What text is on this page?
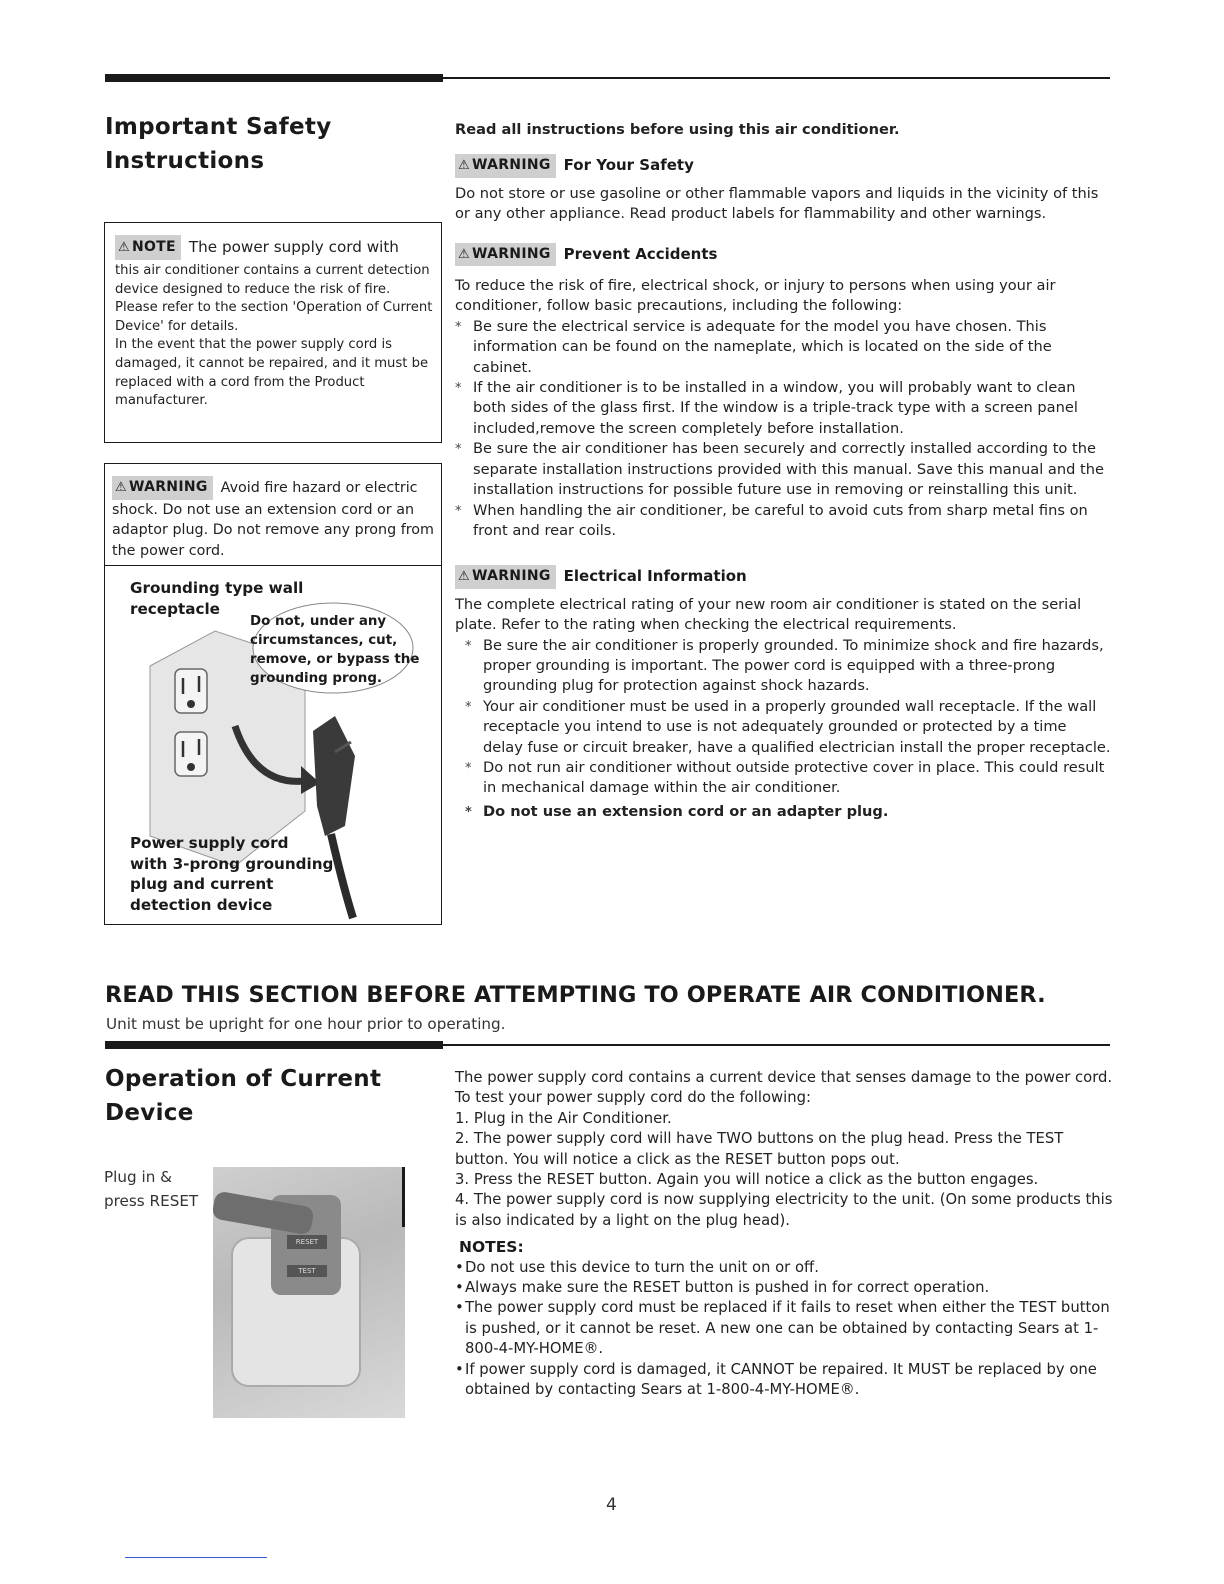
Important Safety
Instructions
⚠ NOTE The power supply cord with
this air conditioner contains a current detection device designed to reduce the risk of fire.
Please refer to the section 'Operation of Current Device' for details.
In the event that the power supply cord is damaged, it cannot be repaired, and it must be replaced with a cord from the Product manufacturer.
⚠ WARNING Avoid fire hazard or electric shock. Do not use an extension cord or an adaptor plug. Do not remove any prong from the power cord.
Grounding type wall
receptacle
Do not, under any
circumstances, cut,
remove, or bypass the
grounding prong.
Power supply cord
with 3-prong grounding
plug and current
detection device

Read all instructions before using this air conditioner.

⚠ WARNING For Your Safety

Do not store or use gasoline or other flammable vapors and liquids in the vicinity of this or any other appliance. Read product labels for flammability and other warnings.

⚠ WARNING Prevent Accidents

To reduce the risk of fire, electrical shock, or injury to persons when using your air conditioner, follow basic precautions, including the following:

* Be sure the electrical service is adequate for the model you have chosen. This information can be found on the nameplate, which is located on the side of the cabinet.
* If the air conditioner is to be installed in a window, you will probably want to clean both sides of the glass first. If the window is a triple-track type with a screen panel included,remove the screen completely before installation.
* Be sure the air conditioner has been securely and correctly installed according to the separate installation instructions provided with this manual. Save this manual and the installation instructions for possible future use in removing or reinstalling this unit.
* When handling the air conditioner, be careful to avoid cuts from sharp metal fins on front and rear coils.
⚠ WARNING Electrical Information

The complete electrical rating of your new room air conditioner is stated on the serial plate. Refer to the rating when checking the electrical requirements.

* Be sure the air conditioner is properly grounded. To minimize shock and fire hazards, proper grounding is important. The power cord is equipped with a three-prong grounding plug for protection against shock hazards.
* Your air conditioner must be used in a properly grounded wall receptacle. If the wall receptacle you intend to use is not adequately grounded or protected by a time delay fuse or circuit breaker, have a qualified electrician install the proper receptacle.
* Do not run air conditioner without outside protective cover in place. This could result in mechanical damage within the air conditioner.
* Do not use an extension cord or an adapter plug.
READ THIS SECTION BEFORE ATTEMPTING TO OPERATE AIR CONDITIONER.
Unit must be upright for one hour prior to operating.
Operation of Current
Device
Plug in &
press RESET
RESET
TEST

The power supply cord contains a current device that senses damage to the power cord.

To test your power supply cord do the following:

1. Plug in the Air Conditioner.

2. The power supply cord will have TWO buttons on the plug head. Press the TEST button. You will notice a click as the RESET button pops out.

3. Press the RESET button. Again you will notice a click as the button engages.

4. The power supply cord is now supplying electricity to the unit. (On some products this is also indicated by a light on the plug head).

NOTES:

• Do not use this device to turn the unit on or off.
• Always make sure the RESET button is pushed in for correct operation.
• The power supply cord must be replaced if it fails to reset when either the TEST button is pushed, or it cannot be reset. A new one can be obtained by contacting Sears at 1-800-4-MY-HOME®.
• If power supply cord is damaged, it CANNOT be repaired. It MUST be replaced by one obtained by contacting Sears at 1-800-4-MY-HOME®.
4
